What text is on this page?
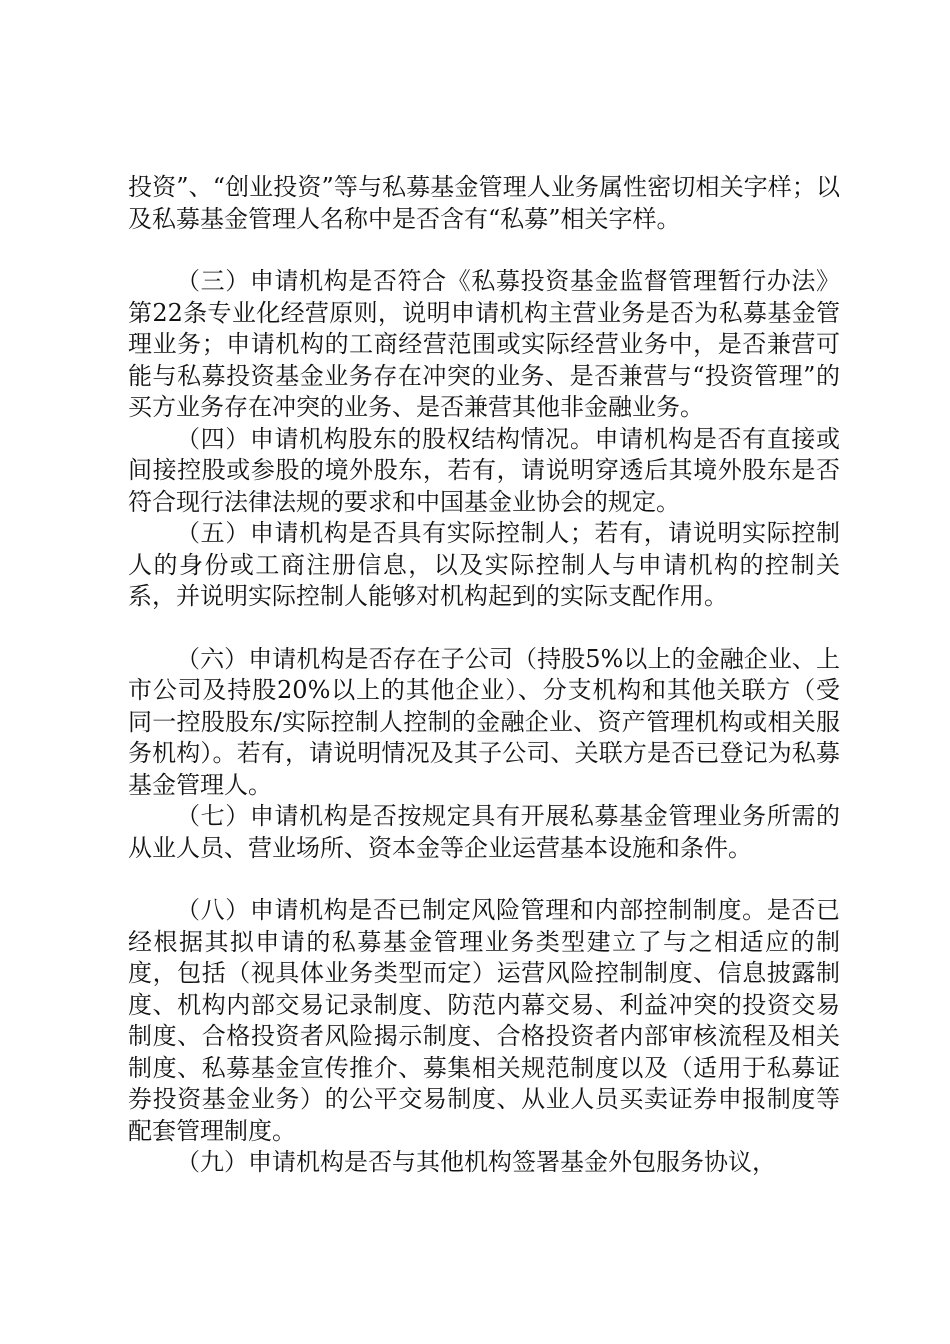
投资”、“创业投资”等与私募基金管理人业务属性密切相关字样；以及私募基金管理人名称中是否含有“私募”相关字样。

（三）申请机构是否符合《私募投资基金监督管理暂行办法》第22条专业化经营原则，说明申请机构主营业务是否为私募基金管理业务；申请机构的工商经营范围或实际经营业务中，是否兼营可能与私募投资基金业务存在冲突的业务、是否兼营与“投资管理”的买方业务存在冲突的业务、是否兼营其他非金融业务。

（四）申请机构股东的股权结构情况。申请机构是否有直接或间接控股或参股的境外股东，若有，请说明穿透后其境外股东是否符合现行法律法规的要求和中国基金业协会的规定。

（五）申请机构是否具有实际控制人；若有，请说明实际控制人的身份或工商注册信息，以及实际控制人与申请机构的控制关系，并说明实际控制人能够对机构起到的实际支配作用。

（六）申请机构是否存在子公司（持股5%以上的金融企业、上市公司及持股20%以上的其他企业）、分支机构和其他关联方（受同一控股股东/实际控制人控制的金融企业、资产管理机构或相关服务机构）。若有，请说明情况及其子公司、关联方是否已登记为私募基金管理人。

（七）申请机构是否按规定具有开展私募基金管理业务所需的从业人员、营业场所、资本金等企业运营基本设施和条件。

（八）申请机构是否已制定风险管理和内部控制制度。是否已经根据其拟申请的私募基金管理业务类型建立了与之相适应的制度，包括（视具体业务类型而定）运营风险控制制度、信息披露制度、机构内部交易记录制度、防范内幕交易、利益冲突的投资交易制度、合格投资者风险揭示制度、合格投资者内部审核流程及相关制度、私募基金宣传推介、募集相关规范制度以及（适用于私募证券投资基金业务）的公平交易制度、从业人员买卖证券申报制度等配套管理制度。

（九）申请机构是否与其他机构签署基金外包服务协议，
